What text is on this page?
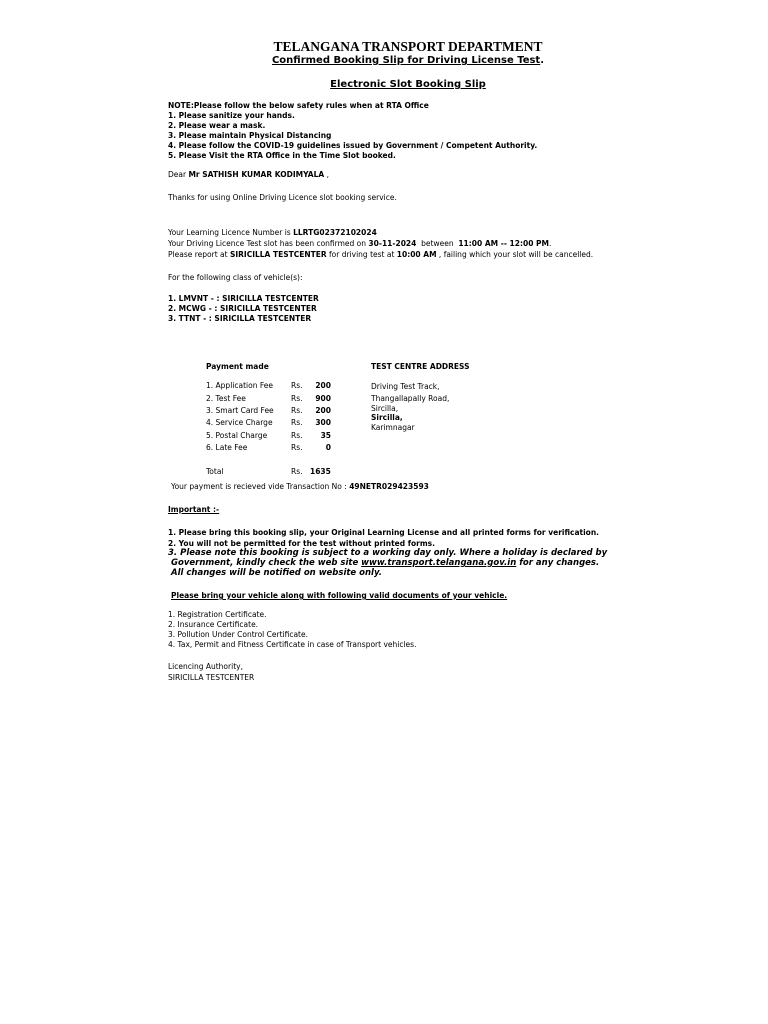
TELANGANA TRANSPORT DEPARTMENT
Confirmed Booking Slip for Driving License Test.
Electronic Slot Booking Slip
NOTE:Please follow the below safety rules when at RTA Office
1. Please sanitize your hands.
2. Please wear a mask.
3. Please maintain Physical Distancing
4. Please follow the COVID-19 guidelines issued by Government / Competent Authority.
5. Please Visit the RTA Office in the Time Slot booked.
Dear Mr SATHISH KUMAR KODIMYALA ,
Thanks for using Online Driving Licence slot booking service.
Your Learning Licence Number is LLRTG02372102024
Your Driving Licence Test slot has been confirmed on 30-11-2024  between  11:00 AM -- 12:00 PM.
Please report at SIRICILLA TESTCENTER for driving test at 10:00 AM , failing which your slot will be cancelled.
For the following class of vehicle(s):
1. LMVNT - : SIRICILLA TESTCENTER
2. MCWG - : SIRICILLA TESTCENTER
3. TTNT - : SIRICILLA TESTCENTER
Payment made	TEST CENTRE ADDRESS
1. Application Fee Rs.	200
2. Test Fee	Rs.	900
3. Smart Card Fee Rs.	200
4. Service Charge Rs.	300
5. Postal Charge	Rs.	35
6. Late Fee	Rs.	0
Total	Rs. 1635
Driving Test Track,
Thangallapally Road,
Sircilla,
Sircilla,
Karimnagar
Your payment is recieved vide Transaction No : 49NETR029423593
Important :-
1. Please bring this booking slip, your Original Learning License and all printed forms for verification.
2. You will not be permitted for the test without printed forms.
3. Please note this booking is subject to a working day only. Where a holiday is declared by
Government, kindly check the web site www.transport.telangana.gov.in for any changes.
All changes will be notified on website only.
Please bring your vehicle along with following valid documents of your vehicle.
1. Registration Certificate.
2. Insurance Certificate.
3. Pollution Under Control Certificate.
4. Tax, Permit and Fitness Certificate in case of Transport vehicles.
Licencing Authority,
SIRICILLA TESTCENTER
